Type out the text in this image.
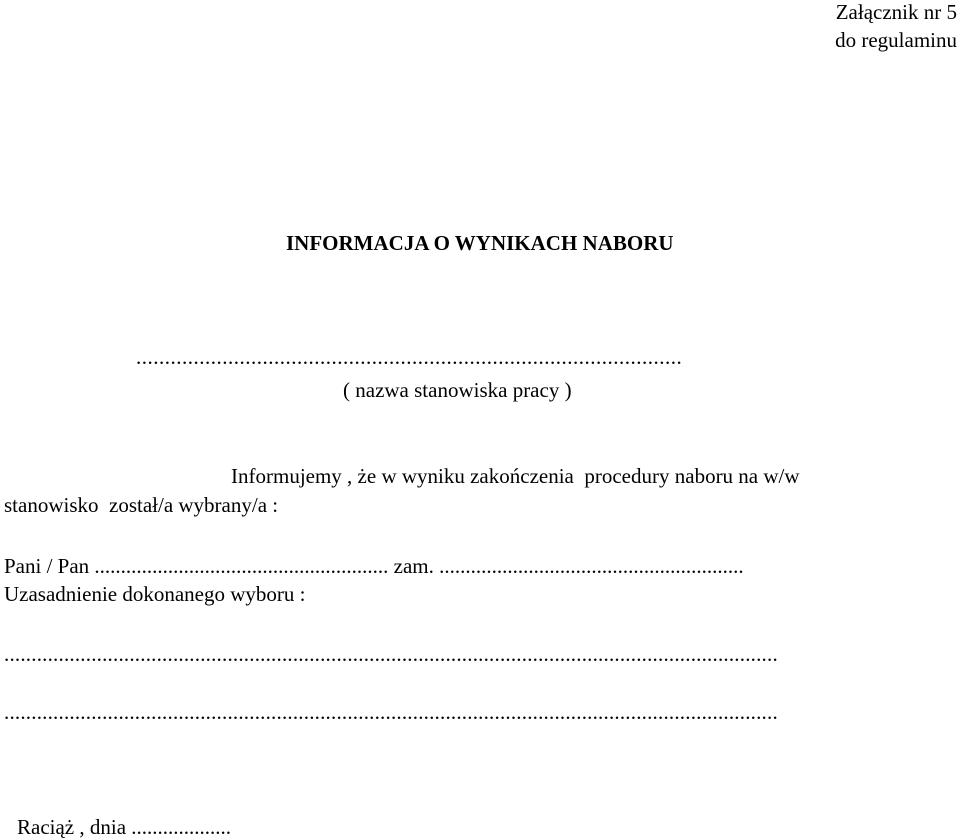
Załącznik nr 5
do regulaminu
INFORMACJA O WYNIKACH NABORU
...............................................................................................
( nazwa stanowiska pracy )
Informujemy , że w wyniku zakończenia  procedury naboru na w/w
stanowisko  został/a wybrany/a :
Pani / Pan ........................................................ zam. ..........................................................
Uzasadnienie dokonanego wyboru :
..............................................................................................................................................
..............................................................................................................................................
Raciąż , dnia ...................
